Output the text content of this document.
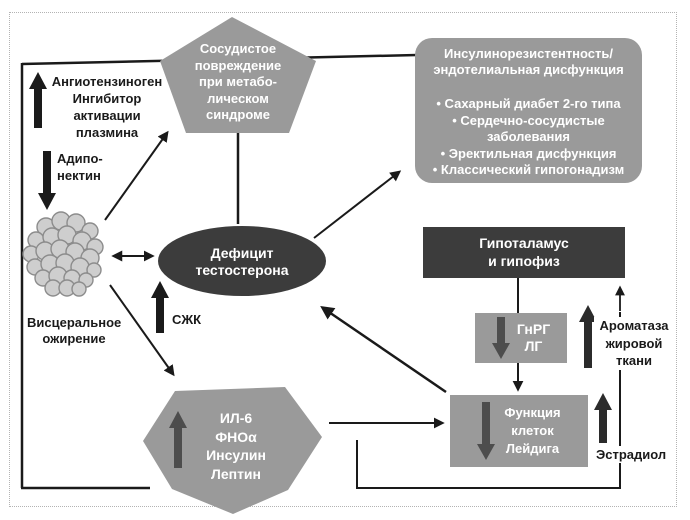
Сосудистое
повреждение
при метабо-
лическом
синдроме
Дефицит
тестостерона
ИЛ-6
ФНОα
Инсулин
Лептин
Инсулинорезистентность/
эндотелиальная дисфункция
• Сахарный диабет 2-го типа
• Сердечно-сосудистые заболевания
• Эректильная дисфункция
• Классический гипогонадизм
Гипоталамус
и гипофиз
ГнРГ
ЛГ
Функция
клеток
Лейдига
Ангиотензиноген
Ингибитор
активации
плазмина
Адипо-
нектин
Висцеральное
ожирение
СЖК	Ароматаза
жировой
ткани
Эстрадиол
